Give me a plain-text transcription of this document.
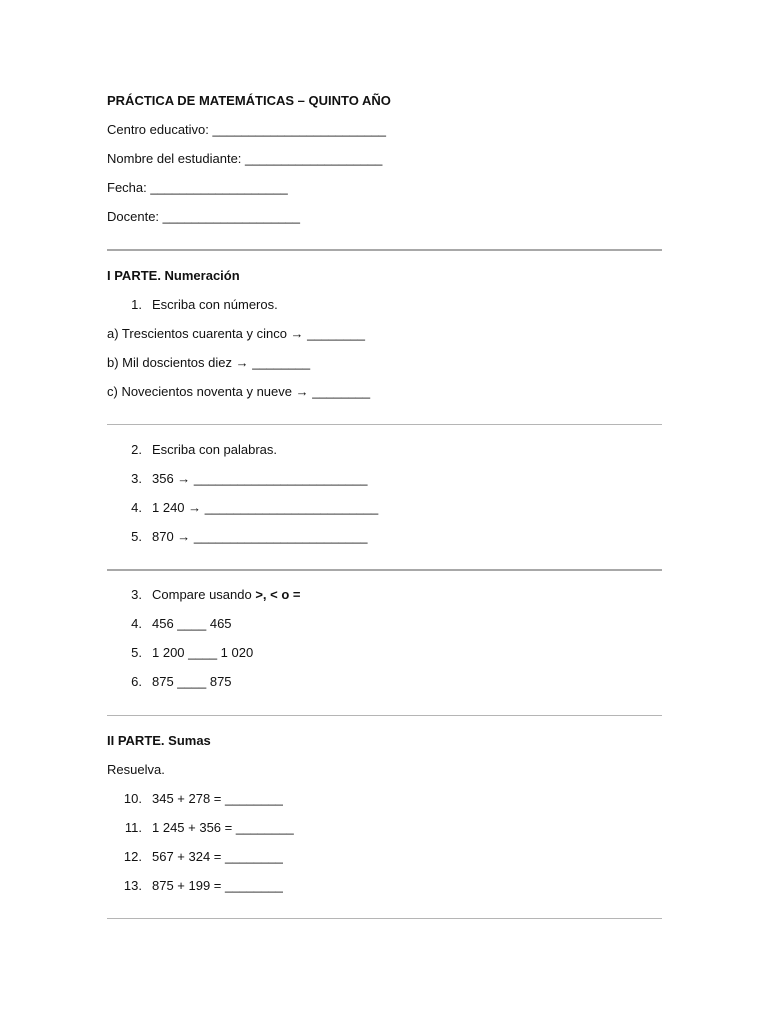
PRÁCTICA DE MATEMÁTICAS – QUINTO AÑO
Centro educativo: ________________________
Nombre del estudiante: ___________________
Fecha: ___________________
Docente: ___________________
I PARTE. Numeración
1. Escriba con números.
a) Trescientos cuarenta y cinco → ________
b) Mil doscientos diez → ________
c) Novecientos noventa y nueve → ________
2. Escriba con palabras.
3. 356 → ________________________
4. 1 240 → ________________________
5. 870 → ________________________
3. Compare usando >, < o =
4. 456 ____ 465
5. 1 200 ____ 1 020
6. 875 ____ 875
II PARTE. Sumas
Resuelva.
10. 345 + 278 = ________
11. 1 245 + 356 = ________
12. 567 + 324 = ________
13. 875 + 199 = ________
